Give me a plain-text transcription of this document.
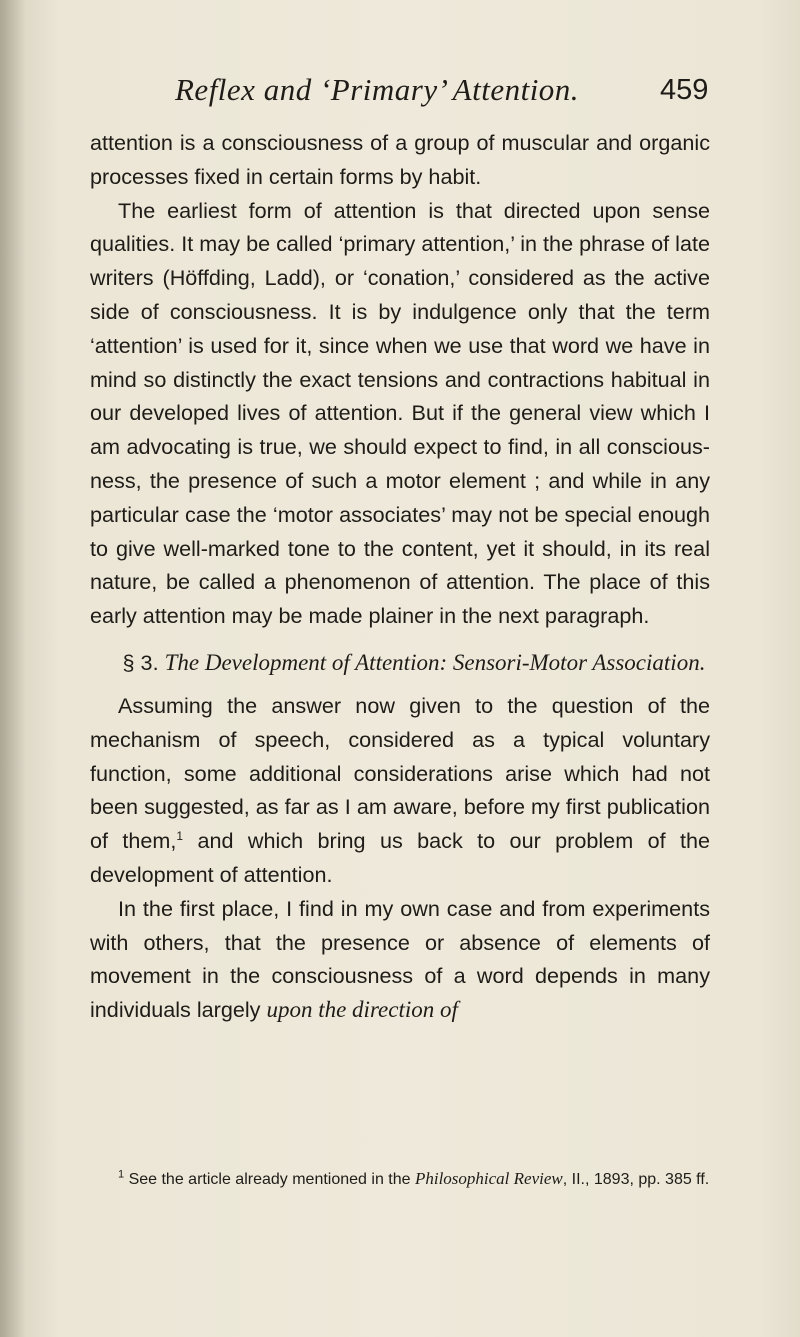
Reflex and ‘Primary’ Attention.	459

attention is a consciousness of a group of muscular and organic processes fixed in certain forms by habit.

The earliest form of attention is that directed upon sense qualities. It may be called ‘primary attention,’ in the phrase of late writers (Höffding, Ladd), or ‘conation,’ considered as the active side of consciousness. It is by indulgence only that the term ‘attention’ is used for it, since when we use that word we have in mind so distinctly the exact tensions and contractions habitual in our developed lives of attention. But if the general view which I am advocating is true, we should expect to find, in all consciousness, the presence of such a motor element ; and while in any particular case the ‘motor associates’ may not be special enough to give well-marked tone to the content, yet it should, in its real nature, be called a phenomenon of attention. The place of this early attention may be made plainer in the next paragraph.

§ 3. The Development of Attention: Sensori-Motor Association.

Assuming the answer now given to the question of the mechanism of speech, considered as a typical voluntary function, some additional considerations arise which had not been suggested, as far as I am aware, before my first publication of them,$^1$ and which bring us back to our problem of the development of attention.

In the first place, I find in my own case and from experiments with others, that the presence or absence of elements of movement in the consciousness of a word depends in many individuals largely upon the direction of

$^1$ See the article already mentioned in the Philosophical Review, II., 1893, pp. 385 ff.
